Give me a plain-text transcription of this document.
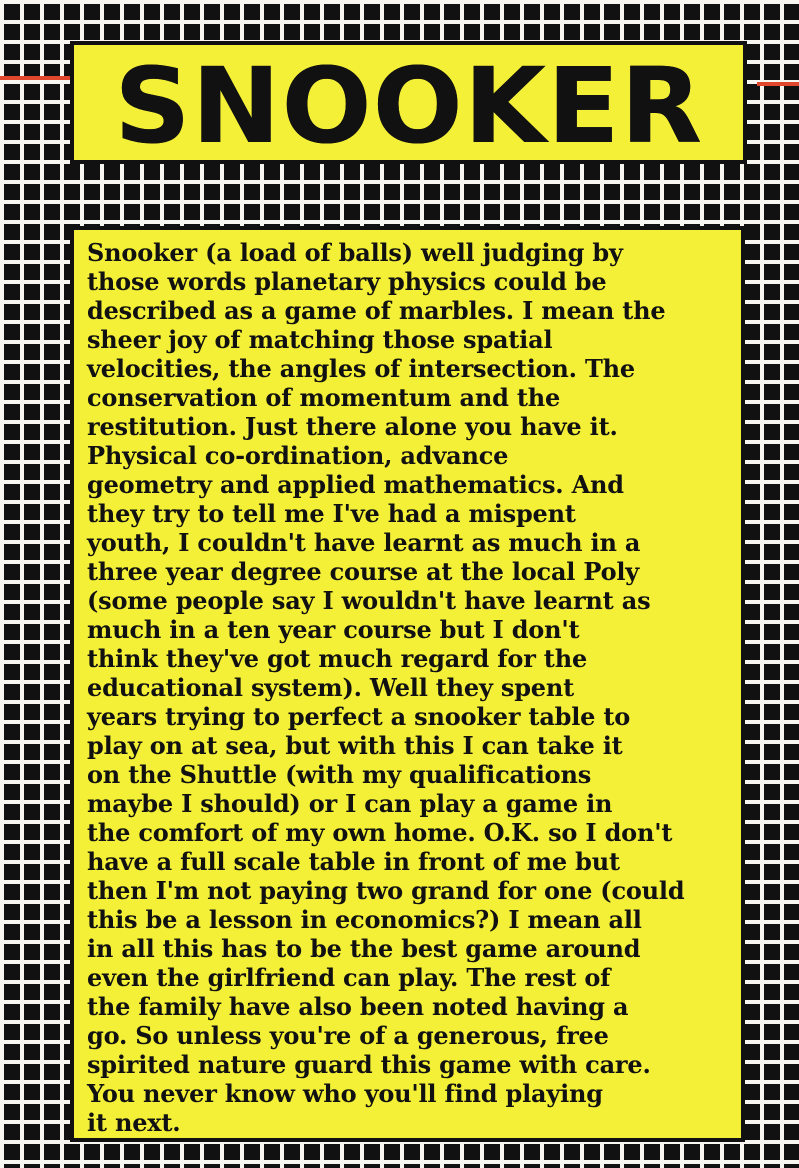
SNOOKER

Snooker (a load of balls) well judging by
those words planetary physics could be
described as a game of marbles. I mean the
sheer joy of matching those spatial
velocities, the angles of intersection. The
conservation of momentum and the
restitution. Just there alone you have it.
Physical co-ordination, advance
geometry and applied mathematics. And
they try to tell me I've had a mispent
youth, I couldn't have learnt as much in a
three year degree course at the local Poly
(some people say I wouldn't have learnt as
much in a ten year course but I don't
think they've got much regard for the
educational system). Well they spent
years trying to perfect a snooker table to
play on at sea, but with this I can take it
on the Shuttle (with my qualifications
maybe I should) or I can play a game in
the comfort of my own home. O.K. so I don't
have a full scale table in front of me but
then I'm not paying two grand for one (could
this be a lesson in economics?) I mean all
in all this has to be the best game around
even the girlfriend can play. The rest of
the family have also been noted having a
go. So unless you're of a generous, free
spirited nature guard this game with care.
You never know who you'll find playing
it next.
